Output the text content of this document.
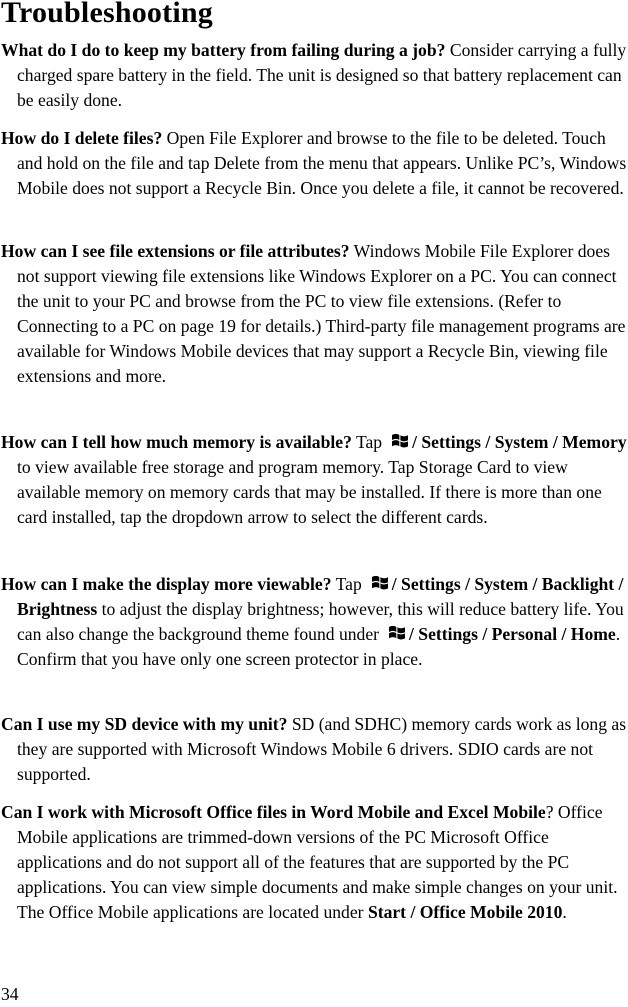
Troubleshooting

What do I do to keep my battery from failing during a job? Consider carrying a fully charged spare battery in the field. The unit is designed so that battery replacement can be easily done.

How do I delete files? Open File Explorer and browse to the file to be deleted. Touch and hold on the file and tap Delete from the menu that appears. Unlike PC’s, Windows Mobile does not support a Recycle Bin. Once you delete a file, it cannot be recovered.

How can I see file extensions or file attributes? Windows Mobile File Explorer does not support viewing file extensions like Windows Explorer on a PC. You can connect the unit to your PC and browse from the PC to view file extensions. (Refer to Connecting to a PC on page 19 for details.) Third-party file management programs are available for Windows Mobile devices that may support a Recycle Bin, viewing file extensions and more.

How can I tell how much memory is available? Tap / Settings / System / Memory to view available free storage and program memory. Tap Storage Card to view available memory on memory cards that may be installed. If there is more than one card installed, tap the dropdown arrow to select the different cards.

How can I make the display more viewable? Tap / Settings / System / Backlight / Brightness to adjust the display brightness; however, this will reduce battery life. You can also change the background theme found under / Settings / Personal / Home. Confirm that you have only one screen protector in place.

Can I use my SD device with my unit? SD (and SDHC) memory cards work as long as they are supported with Microsoft Windows Mobile 6 drivers. SDIO cards are not supported.

Can I work with Microsoft Office files in Word Mobile and Excel Mobile? Office Mobile applications are trimmed-down versions of the PC Microsoft Office applications and do not support all of the features that are supported by the PC applications. You can view simple documents and make simple changes on your unit. The Office Mobile applications are located under Start / Office Mobile 2010.

34
